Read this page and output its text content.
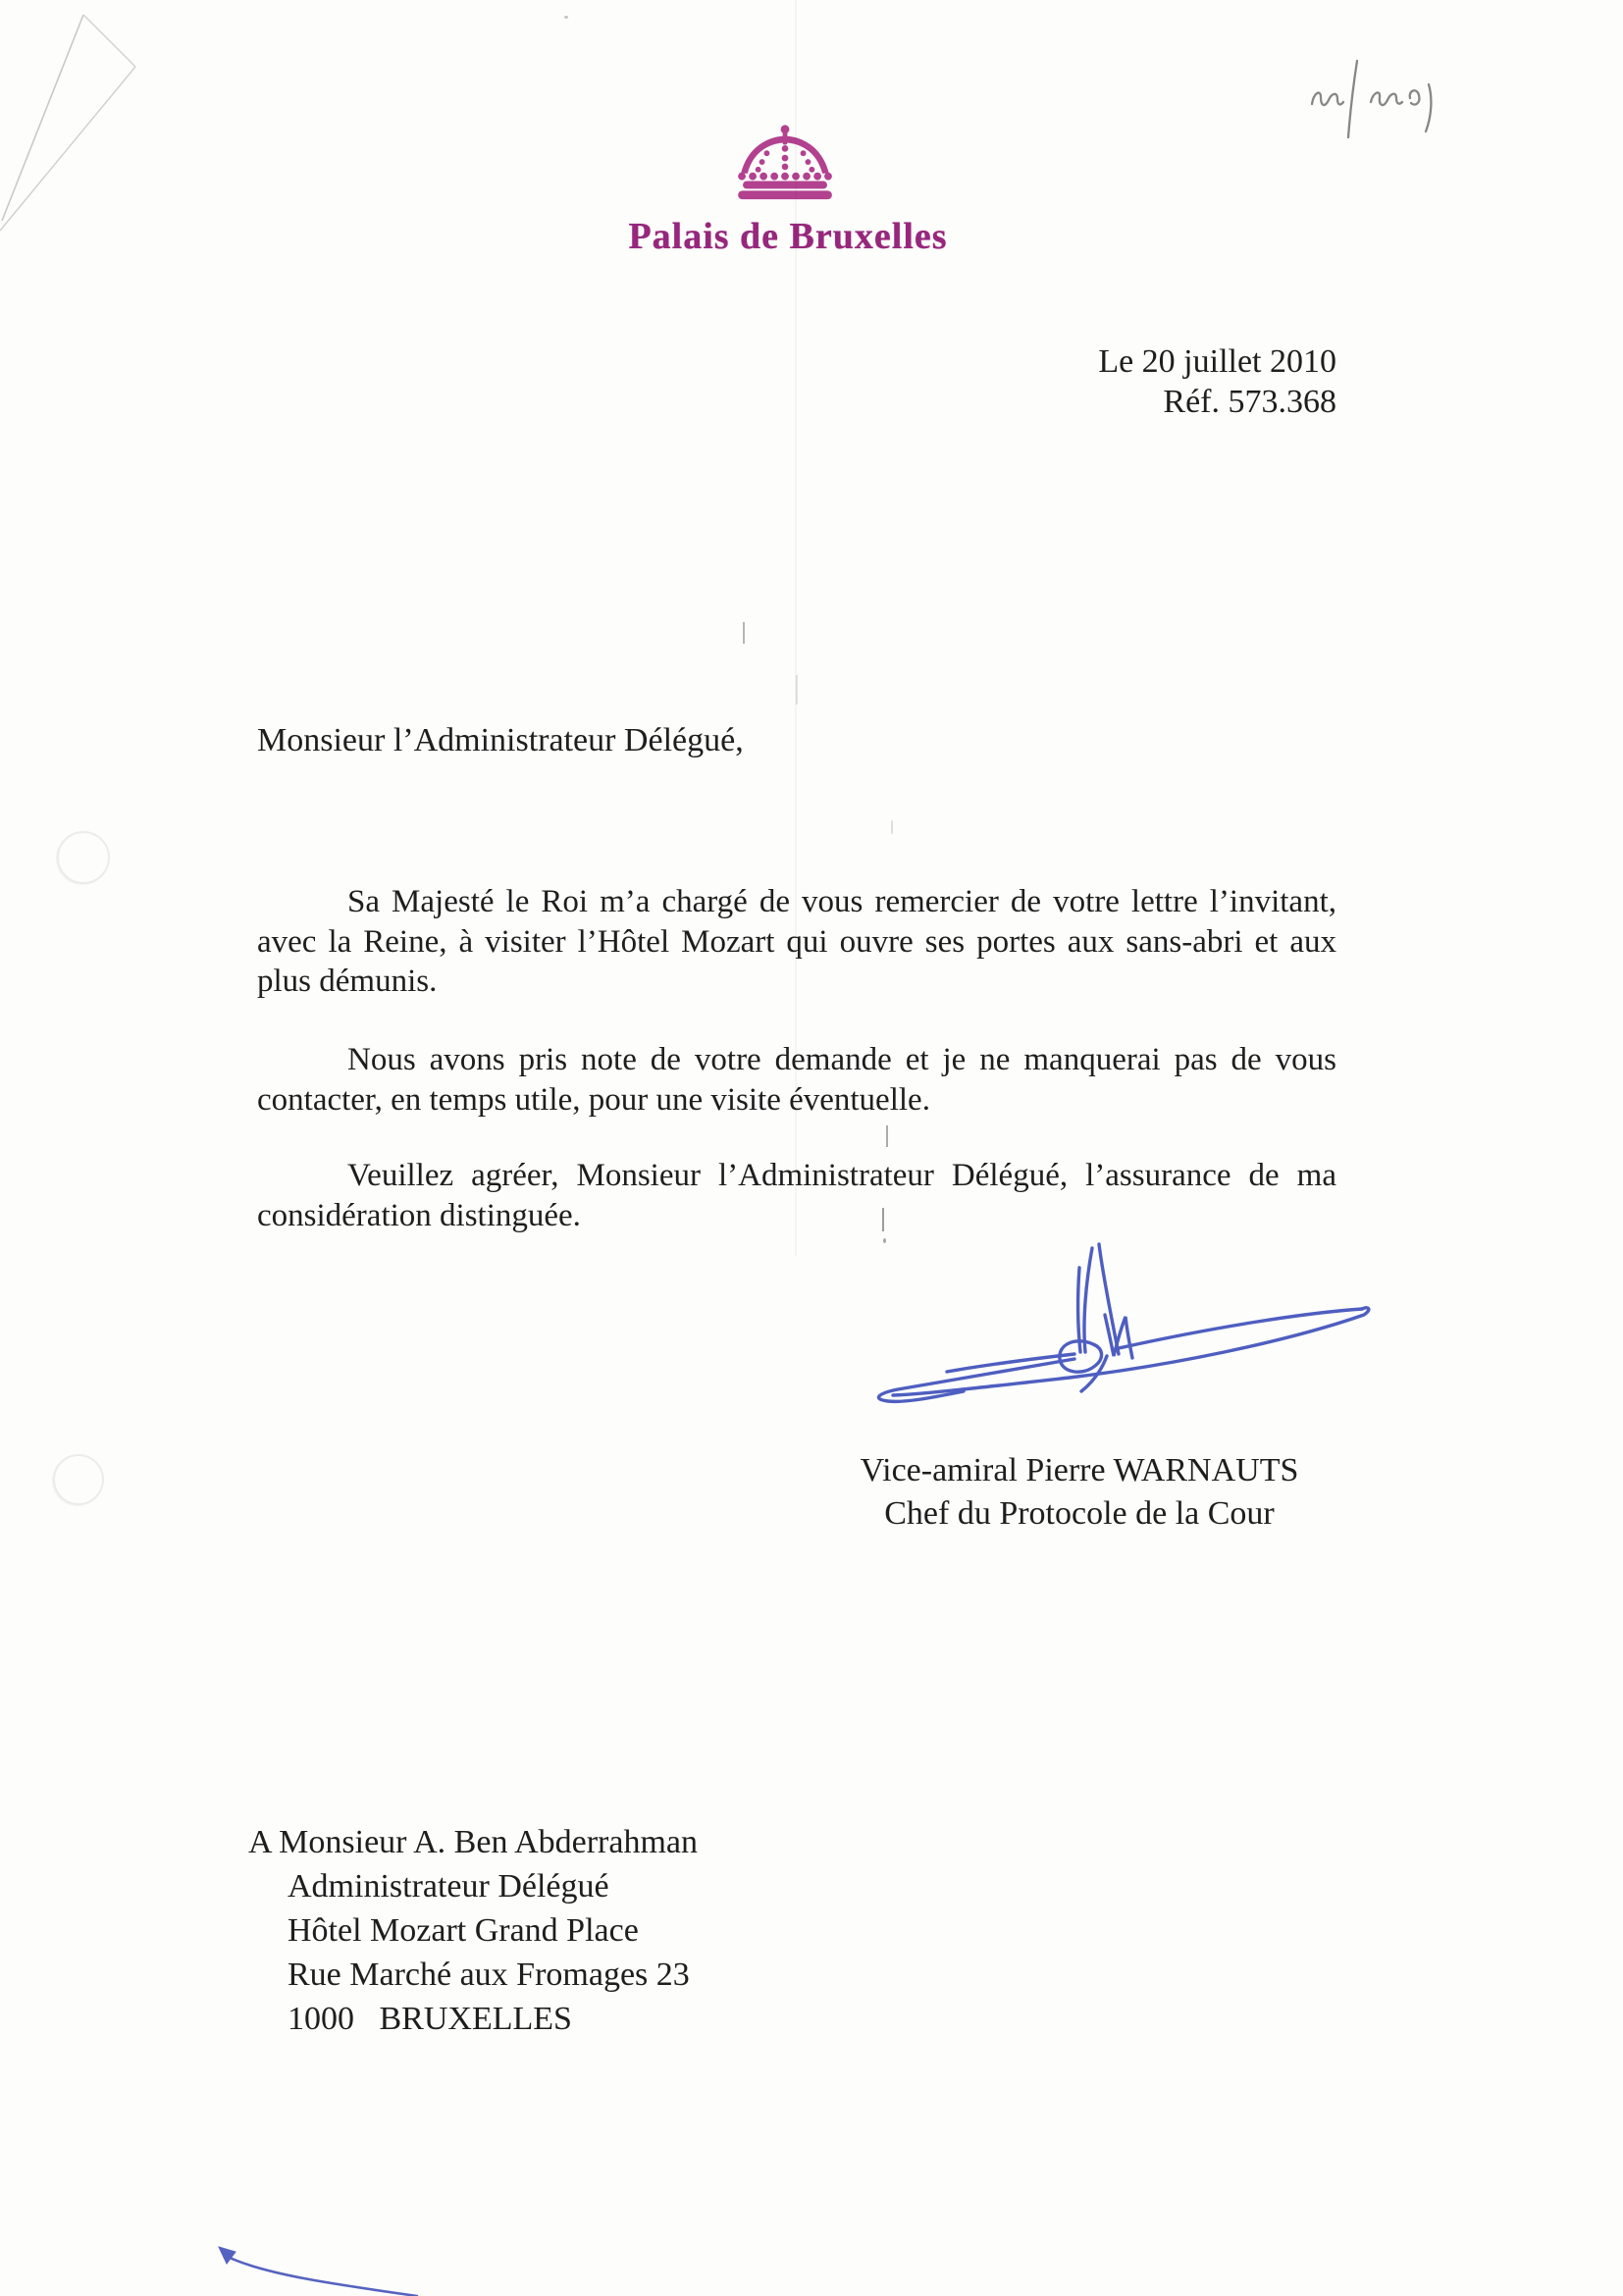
Palais de Bruxelles
Le 20 juillet 2010
Réf. 573.368
Monsieur l’Administrateur Délégué,
Sa Majesté le Roi m’a chargé de vous remercier de votre lettre l’invitant,
avec la Reine, à visiter l’Hôtel Mozart qui ouvre ses portes aux sans-abri et aux
plus démunis.
Nous avons pris note de votre demande et je ne manquerai pas de vous
contacter, en temps utile, pour une visite éventuelle.
Veuillez agréer, Monsieur l’Administrateur Délégué, l’assurance de ma
considération distinguée.
Vice-amiral Pierre WARNAUTS
Chef du Protocole de la Cour
A Monsieur A. Ben Abderrahman
Administrateur Délégué
Hôtel Mozart Grand Place
Rue Marché aux Fromages 23
1000   BRUXELLES
